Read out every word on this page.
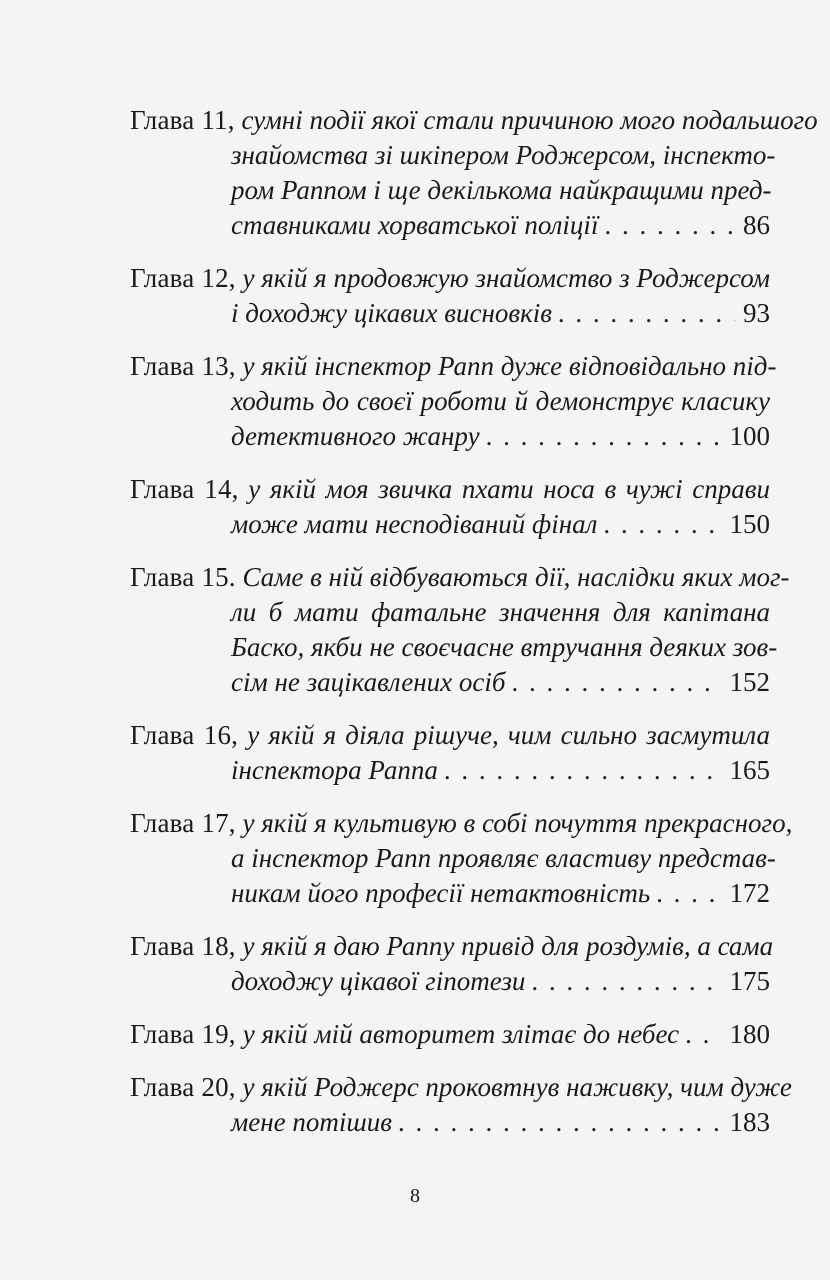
Глава 11, сумні події якої стали причиною мого подальшого
знайомства зі шкіпером Роджерсом, інспекто-
ром Раппом і ще декількома найкращими пред-
ставниками хорватської поліції . . .	86
Глава 12, у якій я продовжую знайомство з Роджерсом
і доходжу цікавих висновків . . .	93
Глава 13, у якій інспектор Рапп дуже відповідально під-
ходить до своєї роботи й демонструє класику
детективного жанру . . .	100
Глава 14, у якій моя звичка пхати носа в чужі справи
може мати несподіваний фінал . . .	150
Глава 15. Саме в ній відбуваються дії, наслідки яких мог-
ли б мати фатальне значення для капітана
Баско, якби не своєчасне втручання деяких зов-
сім не зацікавлених осіб . . .	152
Глава 16, у якій я діяла рішуче, чим сильно засмутила
інспектора Раппа . . .	165
Глава 17, у якій я культивую в собі почуття прекрасного,
а інспектор Рапп проявляє властиву представ-
никам його професії нетактовність . . .	172
Глава 18, у якій я даю Раппу привід для роздумів, а сама
доходжу цікавої гіпотези . . .	175
Глава 19, у якій мій авторитет злітає до небес . . . 180
Глава 20, у якій Роджерс проковтнув наживку, чим дуже
мене потішив . . .	183
8
